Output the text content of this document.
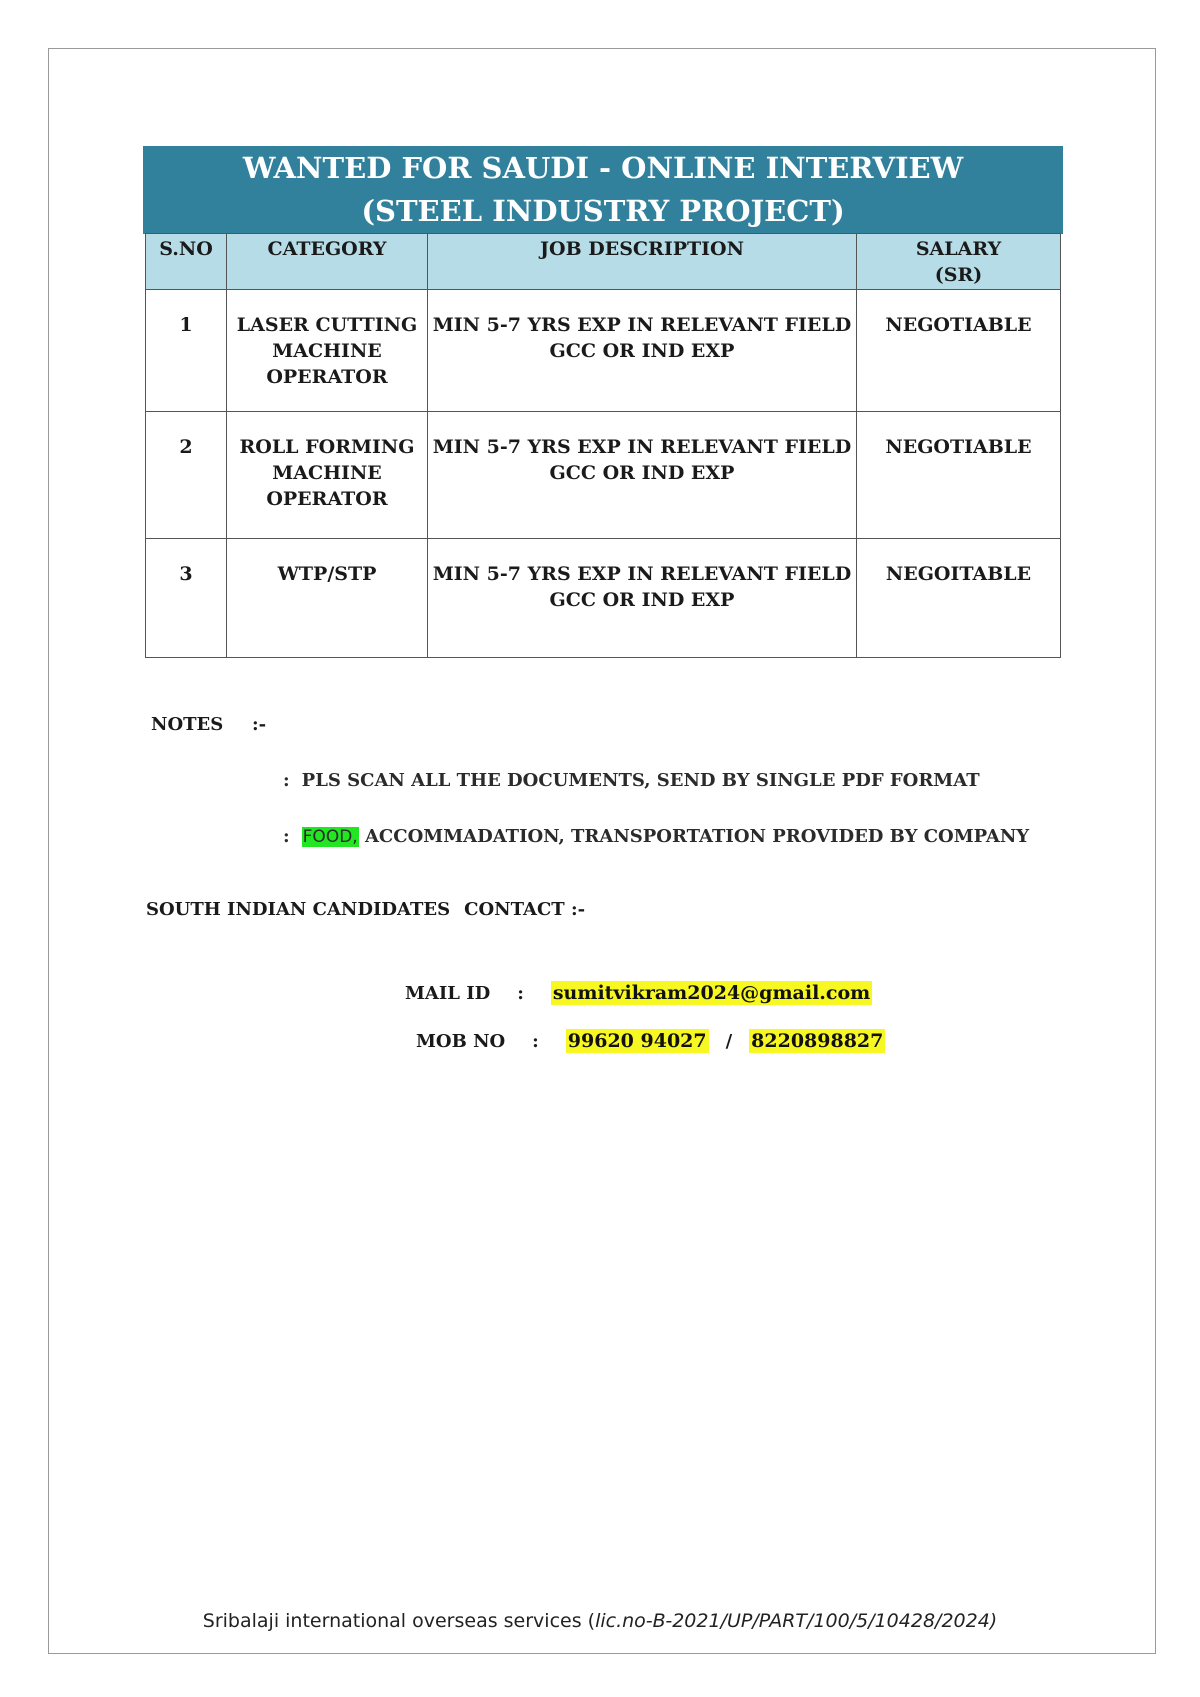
WANTED FOR SAUDI - ONLINE INTERVIEW
(STEEL INDUSTRY PROJECT)
S.NO	CATEGORY	JOB DESCRIPTION	SALARY
(SR)

1	LASER CUTTING
MACHINE
OPERATOR	MIN 5-7 YRS EXP IN RELEVANT FIELD
GCC OR IND EXP	NEGOTIABLE
2	ROLL FORMING
MACHINE
OPERATOR	MIN 5-7 YRS EXP IN RELEVANT FIELD
GCC OR IND EXP	NEGOTIABLE
3	WTP/STP	MIN 5-7 YRS EXP IN RELEVANT FIELD
GCC OR IND EXP	NEGOITABLE
NOTES :-
: PLS SCAN ALL THE DOCUMENTS, SEND BY SINGLE PDF FORMAT
: FOOD, ACCOMMADATION, TRANSPORTATION PROVIDED BY COMPANY
SOUTH INDIAN CANDIDATES CONTACT :-
MAIL ID : sumitvikram2024@gmail.com
MOB NO : 99620 94027 / 8220898827
Sribalaji international overseas services (lic.no-B-2021/UP/PART/100/5/10428/2024)
